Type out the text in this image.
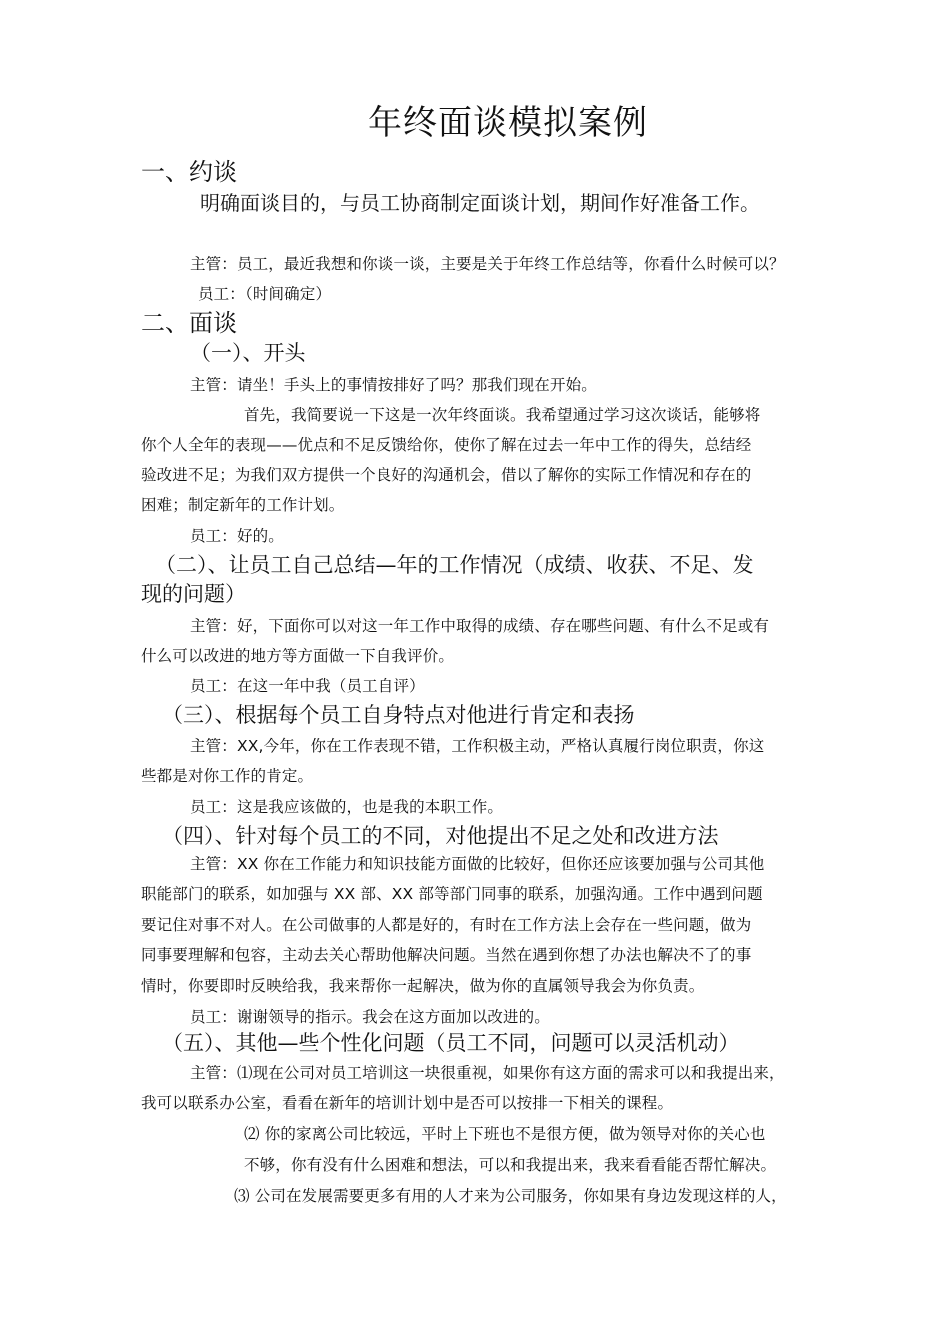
年终面谈模拟案例
一、约谈
明确面谈目的，与员工协商制定面谈计划，期间作好准备工作。
主管：员工，最近我想和你谈一谈，主要是关于年终工作总结等，你看什么时候可以？
员工：（时间确定）
二、面谈
（一）、开头
主管：请坐！手头上的事情按排好了吗？那我们现在开始。
首先，我简要说一下这是一次年终面谈。我希望通过学习这次谈话，能够将
你个人全年的表现——优点和不足反馈给你，使你了解在过去一年中工作的得失，总结经
验改进不足；为我们双方提供一个良好的沟通机会，借以了解你的实际工作情况和存在的
困难；制定新年的工作计划。
员工：好的。
（二）、让员工自己总结—年的工作情况（成绩、收获、不足、发
现的问题）
主管：好，下面你可以对这一年工作中取得的成绩、存在哪些问题、有什么不足或有
什么可以改进的地方等方面做一下自我评价。
员工：在这一年中我（员工自评）
（三）、根据每个员工自身特点对他进行肯定和表扬
主管：XX,今年，你在工作表现不错，工作积极主动，严格认真履行岗位职责，你这
些都是对你工作的肯定。
员工：这是我应该做的，也是我的本职工作。
（四）、针对每个员工的不同，对他提出不足之处和改进方法
主管：XX 你在工作能力和知识技能方面做的比较好，但你还应该要加强与公司其他
职能部门的联系，如加强与 XX 部、XX 部等部门同事的联系，加强沟通。工作中遇到问题
要记住对事不对人。在公司做事的人都是好的，有时在工作方法上会存在一些问题，做为
同事要理解和包容，主动去关心帮助他解决问题。当然在遇到你想了办法也解决不了的事
情时，你要即时反映给我，我来帮你一起解决，做为你的直属领导我会为你负责。
员工：谢谢领导的指示。我会在这方面加以改进的。
（五）、其他—些个性化问题（员工不同，问题可以灵活机动）
主管：⑴现在公司对员工培训这一块很重视，如果你有这方面的需求可以和我提出来，
我可以联系办公室，看看在新年的培训计划中是否可以按排一下相关的课程。
⑵ 你的家离公司比较远，平时上下班也不是很方便，做为领导对你的关心也
不够，你有没有什么困难和想法，可以和我提出来，我来看看能否帮忙解决。
⑶ 公司在发展需要更多有用的人才来为公司服务，你如果有身边发现这样的人，
